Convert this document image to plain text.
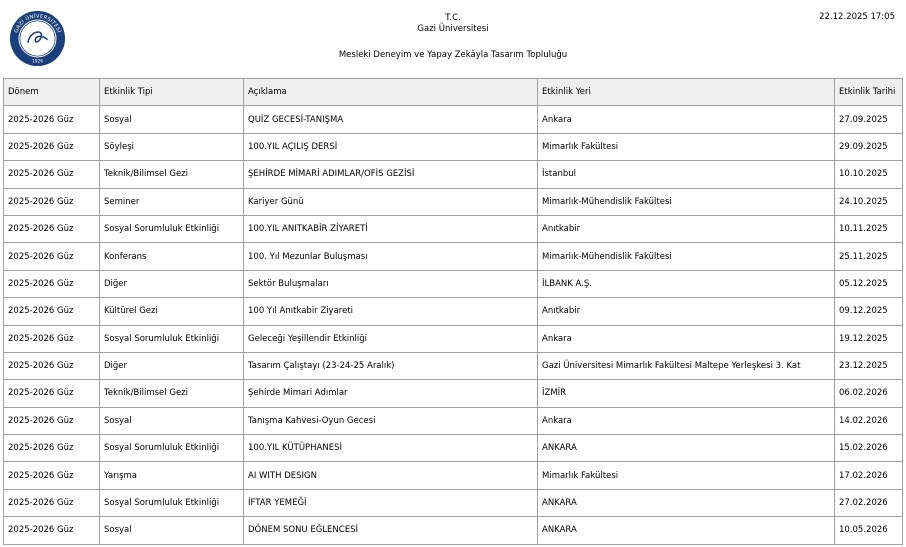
GAZİ ÜNİVERSİTESİ
1926
T.C.
Gazi Üniversitesi
Mesleki Deneyim ve Yapay Zekâyla Tasarım Topluluğu
22.12.2025 17:05
Dönem	Etkinlik Tipi	Açıklama	Etkinlik Yeri	Etkinlik Tarihi
2025-2026 Güz	Sosyal	QUİZ GECESİ-TANIŞMA	Ankara	27.09.2025
2025-2026 Güz	Söyleşi	100.YIL AÇILIŞ DERSİ	Mimarlık Fakültesi	29.09.2025
2025-2026 Güz	Teknik/Bilimsel Gezi	ŞEHİRDE MİMARİ ADIMLAR/OFİS GEZİSİ	İstanbul	10.10.2025
2025-2026 Güz	Seminer	Kariyer Günü	Mimarlık-Mühendislik Fakültesi	24.10.2025
2025-2026 Güz	Sosyal Sorumluluk Etkinliği	100.YIL ANITKABİR ZİYARETİ	Anıtkabir	10.11.2025
2025-2026 Güz	Konferans	100. Yıl Mezunlar Buluşması	Mimarlık-Mühendislik Fakültesi	25.11.2025
2025-2026 Güz	Diğer	Sektör Buluşmaları	İLBANK A.Ş.	05.12.2025
2025-2026 Güz	Kültürel Gezi	100 Yıl Anıtkabir Ziyareti	Anıtkabir	09.12.2025
2025-2026 Güz	Sosyal Sorumluluk Etkinliği	Geleceği Yeşillendir Etkinliği	Ankara	19.12.2025
2025-2026 Güz	Diğer	Tasarım Çalıştayı (23-24-25 Aralık)	Gazi Üniversitesi Mimarlık Fakültesi Maltepe Yerleşkesi 3. Kat	23.12.2025
2025-2026 Güz	Teknik/Bilimsel Gezi	Şehirde Mimari Adımlar	İZMİR	06.02.2026
2025-2026 Güz	Sosyal	Tanışma Kahvesi-Oyun Gecesi	Ankara	14.02.2026
2025-2026 Güz	Sosyal Sorumluluk Etkinliği	100.YIL KÜTÜPHANESİ	ANKARA	15.02.2026
2025-2026 Güz	Yarışma	AI WITH DESIGN	Mimarlık Fakültesi	17.02.2026
2025-2026 Güz	Sosyal Sorumluluk Etkinliği	İFTAR YEMEĞİ	ANKARA	27.02.2026
2025-2026 Güz	Sosyal	DÖNEM SONU EĞLENCESİ	ANKARA	10.05.2026
